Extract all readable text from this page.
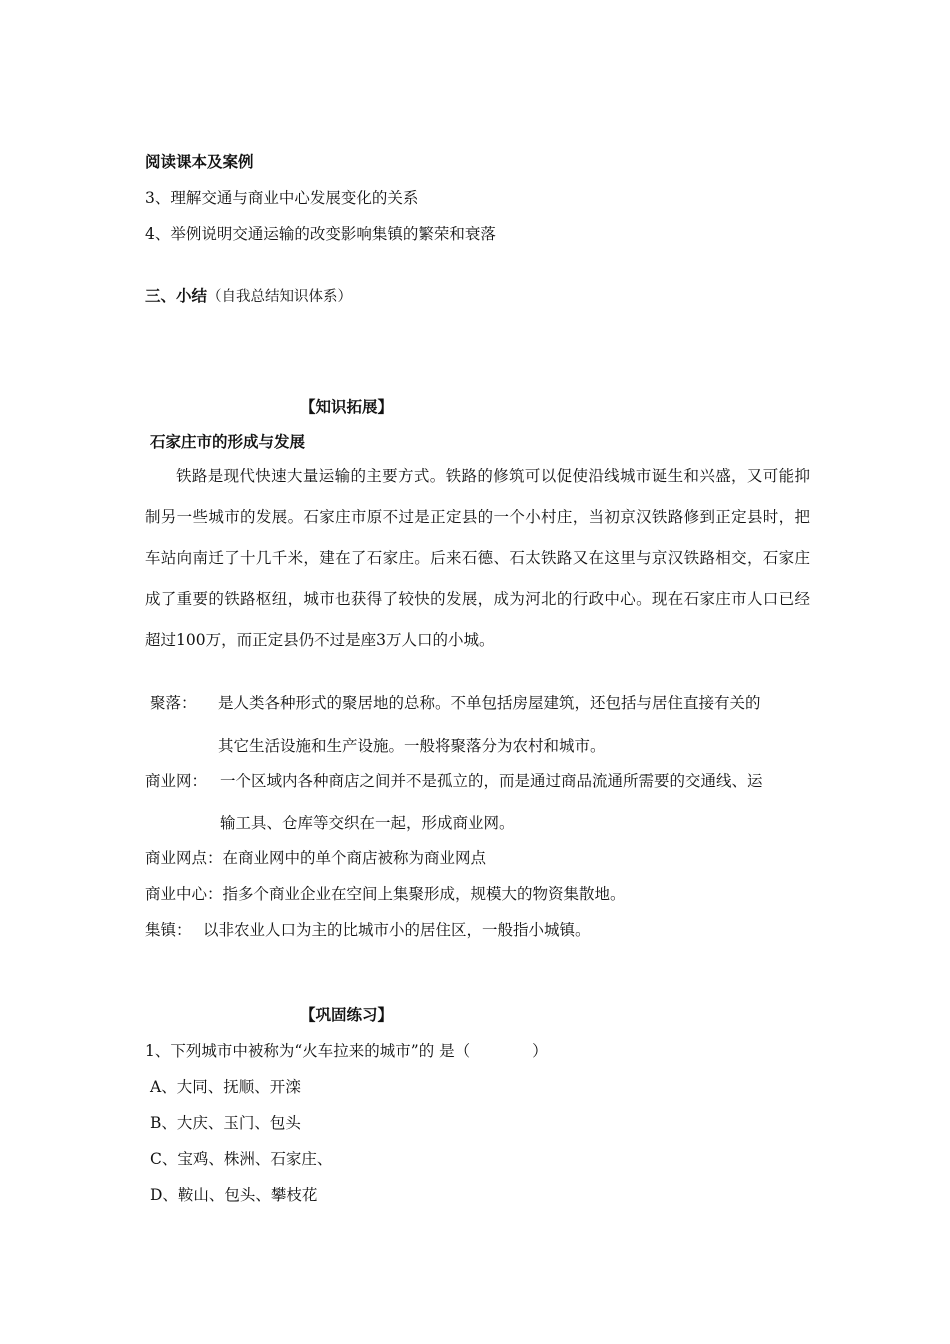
阅读课本及案例
3、理解交通与商业中心发展变化的关系
4、举例说明交通运输的改变影响集镇的繁荣和衰落
三、小结（自我总结知识体系）
【知识拓展】
石家庄市的形成与发展

铁路是现代快速大量运输的主要方式。铁路的修筑可以促使沿线城市诞生和兴盛，又可能抑制另一些城市的发展。石家庄市原不过是正定县的一个小村庄，当初京汉铁路修到正定县时，把车站向南迁了十几千米，建在了石家庄。后来石德、石太铁路又在这里与京汉铁路相交，石家庄成了重要的铁路枢纽，城市也获得了较快的发展，成为河北的行政中心。现在石家庄市人口已经超过100万，而正定县仍不过是座3万人口的小城。

聚落： 是人类各种形式的聚居地的总称。不单包括房屋建筑，还包括与居住直接有关的
其它生活设施和生产设施。一般将聚落分为农村和城市。
商业网： 一个区域内各种商店之间并不是孤立的，而是通过商品流通所需要的交通线、运
输工具、仓库等交织在一起，形成商业网。
商业网点：在商业网中的单个商店被称为商业网点
商业中心：指多个商业企业在空间上集聚形成，规模大的物资集散地。
集镇： 以非农业人口为主的比城市小的居住区，一般指小城镇。
【巩固练习】
1、下列城市中被称为“火车拉来的城市”的 是（　　　　）
A、大同、抚顺、开滦
B、大庆、玉门、包头
C、宝鸡、株洲、石家庄、
D、鞍山、包头、攀枝花
